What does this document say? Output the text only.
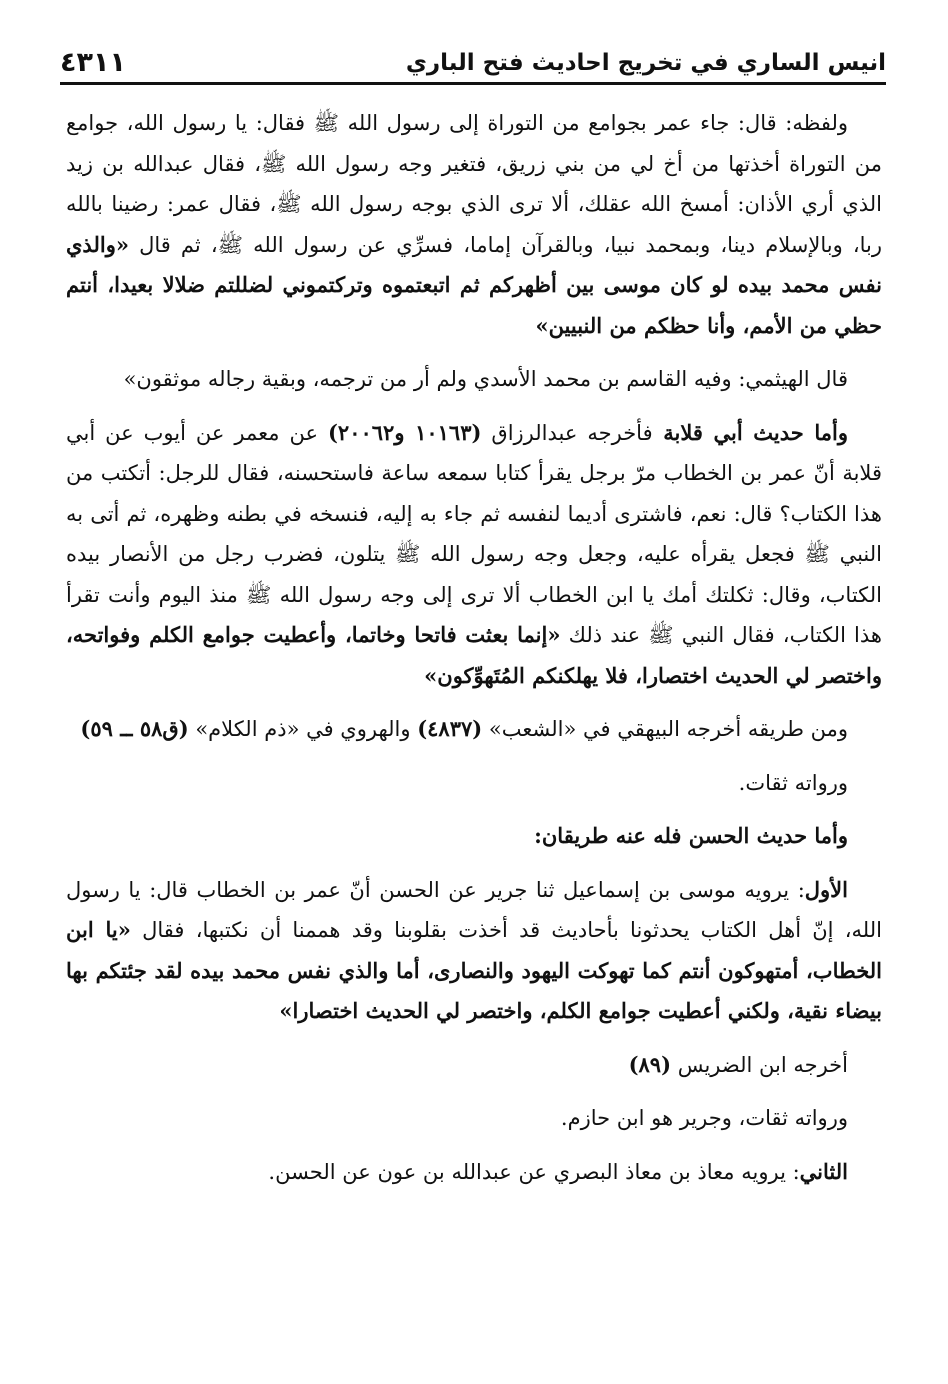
انيس الساري في تخريج احاديث فتح الباري
٤٣١١

ولفظه: قال: جاء عمر بجوامع من التوراة إلى رسول الله ﷺ فقال: يا رسول الله، جوامع من التوراة أخذتها من أخ لي من بني زريق، فتغير وجه رسول الله ﷺ، فقال عبدالله بن زيد الذي أري الأذان: أمسخ الله عقلك، ألا ترى الذي بوجه رسول الله ﷺ، فقال عمر: رضينا بالله ربا، وبالإسلام دينا، وبمحمد نبيا، وبالقرآن إماما، فسرِّي عن رسول الله ﷺ، ثم قال «والذي نفس محمد بيده لو كان موسى بين أظهركم ثم اتبعتموه وتركتموني لضللتم ضلالا بعيدا، أنتم حظي من الأمم، وأنا حظكم من النبيين»

قال الهيثمي: وفيه القاسم بن محمد الأسدي ولم أر من ترجمه، وبقية رجاله موثقون»

وأما حديث أبي قلابة فأخرجه عبدالرزاق (١٠١٦٣ و٢٠٠٦٢) عن معمر عن أيوب عن أبي قلابة أنّ عمر بن الخطاب مرّ برجل يقرأ كتابا سمعه ساعة فاستحسنه، فقال للرجل: أتكتب من هذا الكتاب؟ قال: نعم، فاشترى أديما لنفسه ثم جاء به إليه، فنسخه في بطنه وظهره، ثم أتى به النبي ﷺ فجعل يقرأه عليه، وجعل وجه رسول الله ﷺ يتلون، فضرب رجل من الأنصار بيده الكتاب، وقال: ثكلتك أمك يا ابن الخطاب ألا ترى إلى وجه رسول الله ﷺ منذ اليوم وأنت تقرأ هذا الكتاب، فقال النبي ﷺ عند ذلك «إنما بعثت فاتحا وخاتما، وأعطيت جوامع الكلم وفواتحه، واختصر لي الحديث اختصارا، فلا يهلكنكم المُتَهوِّكون»

ومن طريقه أخرجه البيهقي في «الشعب» (٤٨٣٧) والهروي في «ذم الكلام» (ق٥٨ ــ ٥٩)

ورواته ثقات.

وأما حديث الحسن فله عنه طريقان:

الأول: يرويه موسى بن إسماعيل ثنا جرير عن الحسن أنّ عمر بن الخطاب قال: يا رسول الله، إنّ أهل الكتاب يحدثونا بأحاديث قد أخذت بقلوبنا وقد هممنا أن نكتبها، فقال «يا ابن الخطاب، أمتهوكون أنتم كما تهوكت اليهود والنصارى، أما والذي نفس محمد بيده لقد جئتكم بها بيضاء نقية، ولكني أعطيت جوامع الكلم، واختصر لي الحديث اختصارا»

أخرجه ابن الضريس (٨٩)

ورواته ثقات، وجرير هو ابن حازم.

الثاني: يرويه معاذ بن معاذ البصري عن عبدالله بن عون عن الحسن.
